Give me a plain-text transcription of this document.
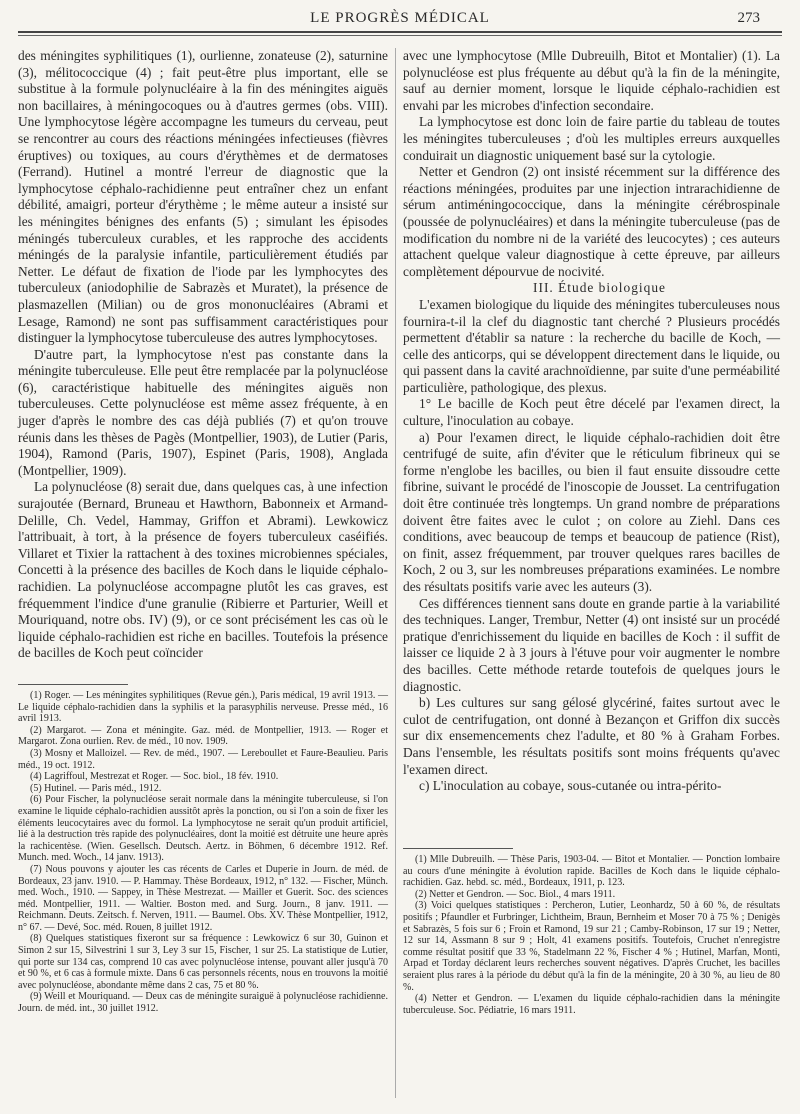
LE PROGRÈS MÉDICAL	273

des méningites syphilitiques (1), ourlienne, zonateuse (2), saturnine (3), mélitococcique (4) ; fait peut-être plus important, elle se substitue à la formule polynucléaire à la fin des méningites aiguës non bacillaires, à méningocoques ou à d'autres germes (obs. VIII). Une lymphocytose légère accompagne les tumeurs du cerveau, peut se rencontrer au cours des réactions méningées infectieuses (fièvres éruptives) ou toxiques, au cours d'érythèmes et de dermatoses (Ferrand). Hutinel a montré l'erreur de diagnostic que la lymphocytose céphalo-rachidienne peut entraîner chez un enfant débilité, amaigri, porteur d'érythème ; le même auteur a insisté sur les méningites bénignes des enfants (5) ; simulant les épisodes méningés tuberculeux curables, et les rapproche des accidents méningés de la paralysie infantile, particulièrement étudiés par Netter. Le défaut de fixation de l'iode par les lymphocytes des tuberculeux (aniodophilie de Sabrazès et Muratet), la présence de plasmazellen (Milian) ou de gros mononucléaires (Abrami et Lesage, Ramond) ne sont pas suffisamment caractéristiques pour distinguer la lymphocytose tuberculeuse des autres lymphocytoses.

D'autre part, la lymphocytose n'est pas constante dans la méningite tuberculeuse. Elle peut être remplacée par la polynucléose (6), caractéristique habituelle des méningites aiguës non tuberculeuses. Cette polynucléose est même assez fréquente, à en juger d'après le nombre des cas déjà publiés (7) et qu'on trouve réunis dans les thèses de Pagès (Montpellier, 1903), de Lutier (Paris, 1904), Ramond (Paris, 1907), Espinet (Paris, 1908), Anglada (Montpellier, 1909).

La polynucléose (8) serait due, dans quelques cas, à une infection surajoutée (Bernard, Bruneau et Hawthorn, Babonneix et Armand-Delille, Ch. Vedel, Hammay, Griffon et Abrami). Lewkowicz l'attribuait, à tort, à la présence de foyers tuberculeux caséifiés. Villaret et Tixier la rattachent à des toxines microbiennes spéciales, Concetti à la présence des bacilles de Koch dans le liquide céphalo-rachidien. La polynucléose accompagne plutôt les cas graves, est fréquemment l'indice d'une granulie (Ribierre et Parturier, Weill et Mouriquand, notre obs. IV) (9), or ce sont précisément les cas où le liquide céphalo-rachidien est riche en bacilles. Toutefois la présence de bacilles de Koch peut coïncider

avec une lymphocytose (Mlle Dubreuilh, Bitot et Montalier) (1). La polynucléose est plus fréquente au début qu'à la fin de la méningite, sauf au dernier moment, lorsque le liquide céphalo-rachidien est envahi par les microbes d'infection secondaire.

La lymphocytose est donc loin de faire partie du tableau de toutes les méningites tuberculeuses ; d'où les multiples erreurs auxquelles conduirait un diagnostic uniquement basé sur la cytologie.

Netter et Gendron (2) ont insisté récemment sur la différence des réactions méningées, produites par une injection intrarachidienne de sérum antiméningococcique, dans la méningite cérébrospinale (poussée de polynucléaires) et dans la méningite tuberculeuse (pas de modification du nombre ni de la variété des leucocytes) ; ces auteurs attachent quelque valeur diagnostique à cette épreuve, par ailleurs complètement dépourvue de nocivité.

III. Étude biologique

L'examen biologique du liquide des méningites tuberculeuses nous fournira-t-il la clef du diagnostic tant cherché ? Plusieurs procédés permettent d'établir sa nature : la recherche du bacille de Koch, — celle des anticorps, qui se développent directement dans le liquide, ou qui passent dans la cavité arachnoïdienne, par suite d'une perméabilité particulière, pathologique, des plexus.

1° Le bacille de Koch peut être décelé par l'examen direct, la culture, l'inoculation au cobaye.

a) Pour l'examen direct, le liquide céphalo-rachidien doit être centrifugé de suite, afin d'éviter que le réticulum fibrineux qui se forme n'englobe les bacilles, ou bien il faut ensuite dissoudre cette fibrine, suivant le procédé de l'inoscopie de Jousset. La centrifugation doit être continuée très longtemps. Un grand nombre de préparations doivent être faites avec le culot ; on colore au Ziehl. Dans ces conditions, avec beaucoup de temps et beaucoup de patience (Rist), on finit, assez fréquemment, par trouver quelques rares bacilles de Koch, 2 ou 3, sur les nombreuses préparations examinées. Le nombre des résultats positifs varie avec les auteurs (3).

Ces différences tiennent sans doute en grande partie à la variabilité des techniques. Langer, Trembur, Netter (4) ont insisté sur un procédé pratique d'enrichissement du liquide en bacilles de Koch : il suffit de laisser ce liquide 2 à 3 jours à l'étuve pour voir augmenter le nombre des bacilles. Cette méthode retarde toutefois de quelques jours le diagnostic.

b) Les cultures sur sang gélosé glycériné, faites surtout avec le culot de centrifugation, ont donné à Bezançon et Griffon dix succès sur dix ensemencements chez l'adulte, et 80 % à Graham Forbes. Dans l'ensemble, les résultats positifs sont moins fréquents qu'avec l'examen direct.

c) L'inoculation au cobaye, sous-cutanée ou intra-périto-

(1) Roger. — Les méningites syphilitiques (Revue gén.), Paris médical, 19 avril 1913. — Le liquide céphalo-rachidien dans la syphilis et la parasyphilis nerveuse. Presse méd., 16 avril 1913.

(2) Margarot. — Zona et méningite. Gaz. méd. de Montpellier, 1913. — Roger et Margarot. Zona ourlien. Rev. de méd., 10 nov. 1909.

(3) Mosny et Malloizel. — Rev. de méd., 1907. — Lereboullet et Faure-Beaulieu. Paris méd., 19 oct. 1912.

(4) Lagriffoul, Mestrezat et Roger. — Soc. biol., 18 fév. 1910.

(5) Hutinel. — Paris méd., 1912.

(6) Pour Fischer, la polynucléose serait normale dans la méningite tuberculeuse, si l'on examine le liquide céphalo-rachidien aussitôt après la ponction, ou si l'on a soin de fixer les éléments leucocytaires avec du formol. La lymphocytose ne serait qu'un produit artificiel, lié à la destruction très rapide des polynucléaires, dont la moitié est détruite une heure après la rachicentèse. (Wien. Gesellsch. Deutsch. Aertz. in Böhmen, 6 décembre 1912. Ref. Munch. med. Woch., 14 janv. 1913).

(7) Nous pouvons y ajouter les cas récents de Carles et Duperie in Journ. de méd. de Bordeaux, 23 janv. 1910. — P. Hammay. Thèse Bordeaux, 1912, n° 132. — Fischer, Münch. med. Woch., 1910. — Sappey, in Thèse Mestrezat. — Mailler et Guerit. Soc. des sciences méd. Montpellier, 1911. — Waltier. Boston med. and Surg. Journ., 8 janv. 1911. — Reichmann. Deuts. Zeitsch. f. Nerven, 1911. — Baumel. Obs. XV. Thèse Montpellier, 1912, n° 67. — Devé, Soc. méd. Rouen, 8 juillet 1912.

(8) Quelques statistiques fixeront sur sa fréquence : Lewkowicz 6 sur 30, Guinon et Simon 2 sur 15, Silvestrini 1 sur 3, Ley 3 sur 15, Fischer, 1 sur 25. La statistique de Lutier, qui porte sur 134 cas, comprend 10 cas avec polynucléose intense, pouvant aller jusqu'à 70 et 90 %, et 6 cas à formule mixte. Dans 6 cas personnels récents, nous en trouvons la moitié avec polynucléose, abondante même dans 2 cas, 75 et 80 %.

(9) Weill et Mouriquand. — Deux cas de méningite suraiguë à polynucléose rachidienne. Journ. de méd. int., 30 juillet 1912.

(1) Mlle Dubreuilh. — Thèse Paris, 1903-04. — Bitot et Montalier. — Ponction lombaire au cours d'une méningite à évolution rapide. Bacilles de Koch dans le liquide céphalo-rachidien. Gaz. hebd. sc. méd., Bordeaux, 1911, p. 123.

(2) Netter et Gendron. — Soc. Biol., 4 mars 1911.

(3) Voici quelques statistiques : Percheron, Lutier, Leonhardz, 50 à 60 %, de résultats positifs ; Pfaundler et Furbringer, Lichtheim, Braun, Bernheim et Moser 70 à 75 % ; Denigès et Sabrazès, 5 fois sur 6 ; Froin et Ramond, 19 sur 21 ; Camby-Robinson, 17 sur 19 ; Netter, 12 sur 14, Assmann 8 sur 9 ; Holt, 41 examens positifs. Toutefois, Cruchet n'enregistre comme résultat positif que 33 %, Stadelmann 22 %, Fischer 4 % ; Hutinel, Marfan, Monti, Arpad et Torday déclarent leurs recherches souvent négatives. D'après Cruchet, les bacilles seraient plus rares à la période du début qu'à la fin de la méningite, 20 à 30 %, au lieu de 80 %.

(4) Netter et Gendron. — L'examen du liquide céphalo-rachidien dans la méningite tuberculeuse. Soc. Pédiatrie, 16 mars 1911.
